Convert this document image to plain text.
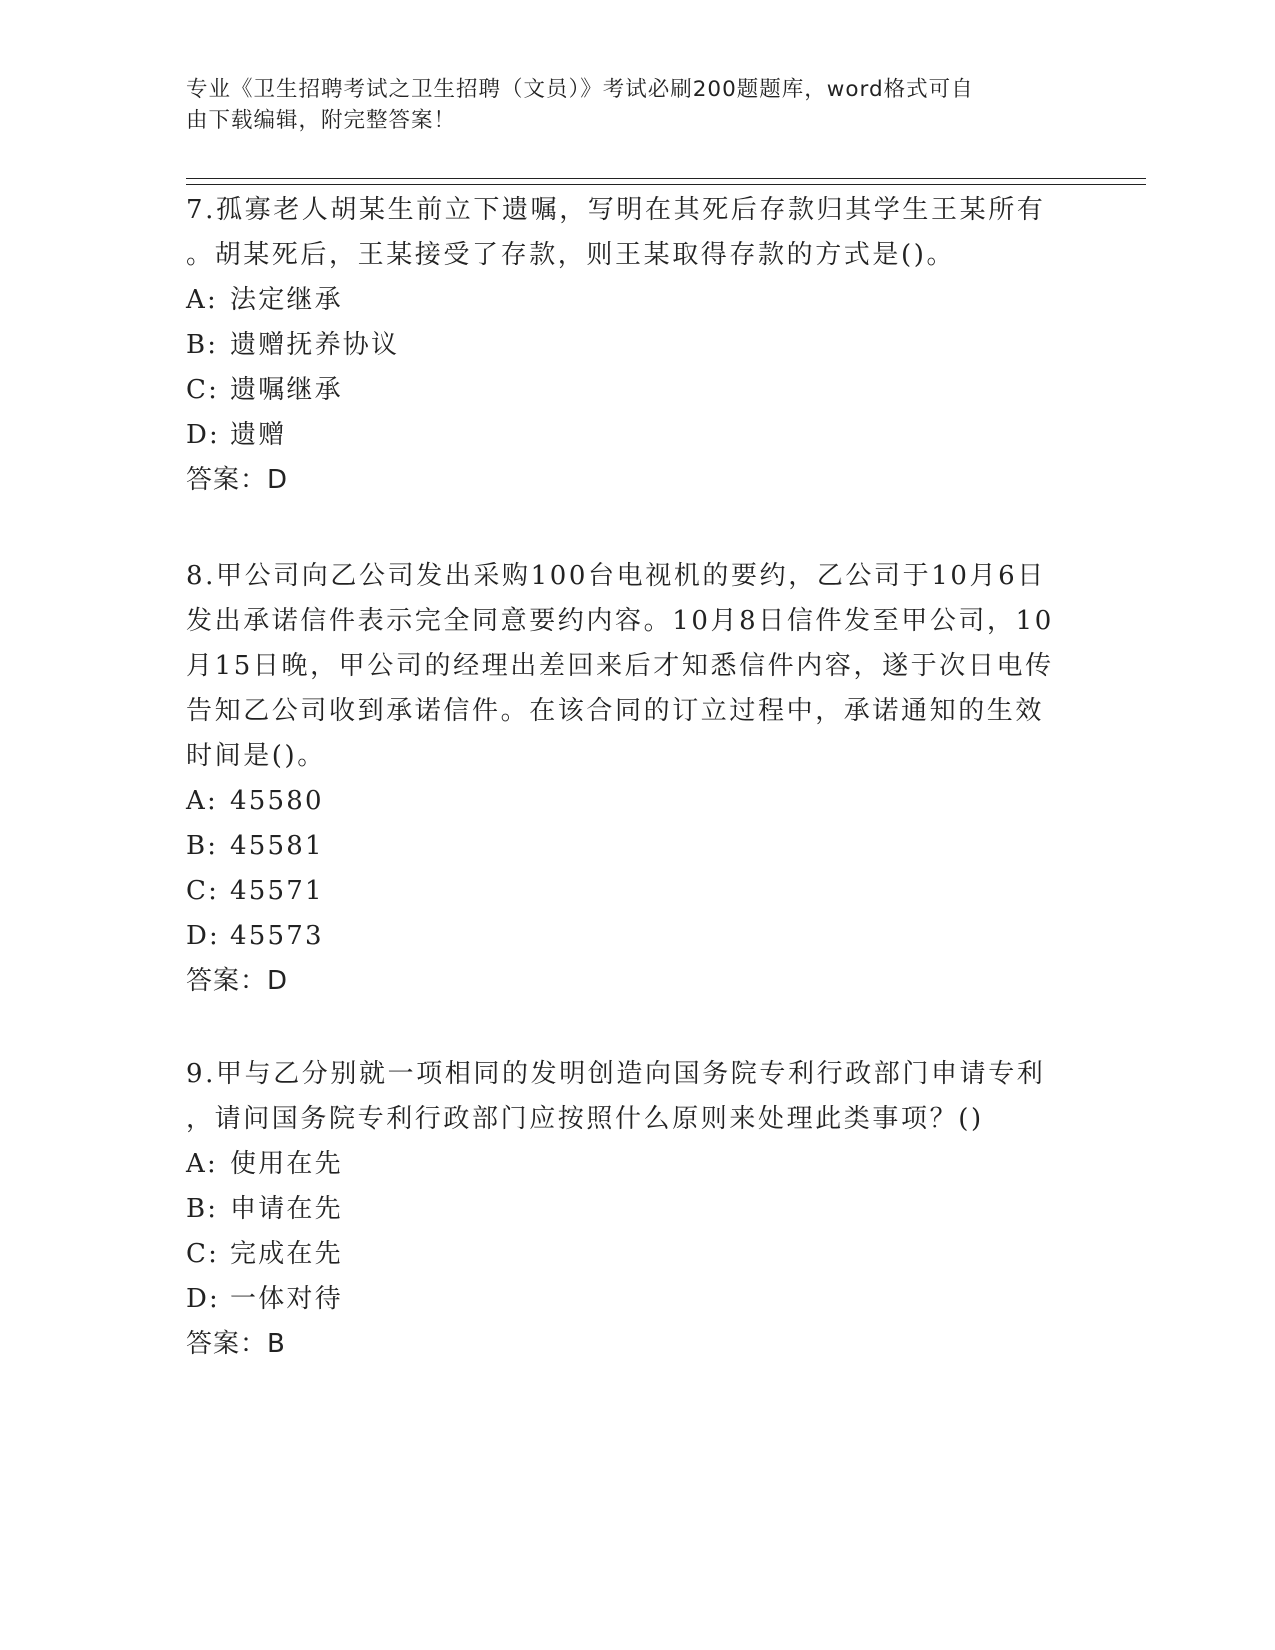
专业《卫生招聘考试之卫生招聘（文员）》考试必刷200题题库，word格式可自
由下载编辑，附完整答案！

7.孤寡老人胡某生前立下遗嘱，写明在其死后存款归其学生王某所有

。胡某死后，王某接受了存款，则王某取得存款的方式是()。

A: 法定继承
B: 遗赠抚养协议
C: 遗嘱继承
D: 遗赠
答案：D

8.甲公司向乙公司发出采购100台电视机的要约，乙公司于10月6日

发出承诺信件表示完全同意要约内容。10月8日信件发至甲公司，10

月15日晚，甲公司的经理出差回来后才知悉信件内容，遂于次日电传

告知乙公司收到承诺信件。在该合同的订立过程中，承诺通知的生效

时间是()。

A: 45580
B: 45581
C: 45571
D: 45573
答案：D

9.甲与乙分别就一项相同的发明创造向国务院专利行政部门申请专利

，请问国务院专利行政部门应按照什么原则来处理此类事项？()

A: 使用在先
B: 申请在先
C: 完成在先
D: 一体对待
答案：B
